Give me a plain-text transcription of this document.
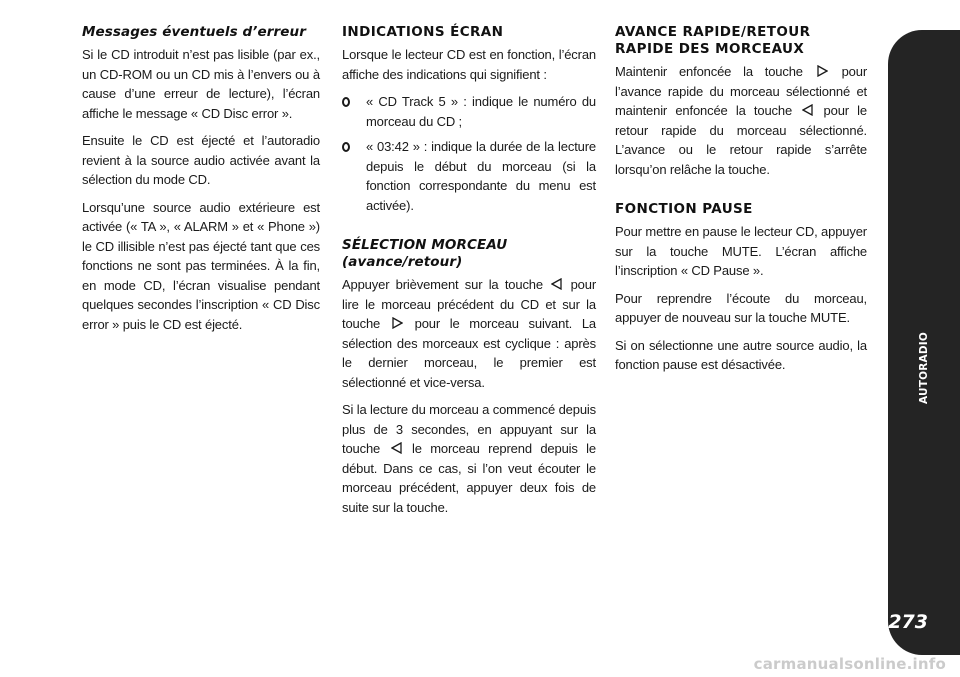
Messages éventuels d’erreur

Si le CD introduit n’est pas lisible (par ex., un CD-ROM ou un CD mis à l’envers ou à cause d’une erreur de lecture), l’écran affiche le message « CD Disc error ».

Ensuite le CD est éjecté et l’autoradio revient à la source audio activée avant la sélection du mode CD.

Lorsqu’une source audio extérieure est activée (« TA », « ALARM » et « Phone ») le CD illisible n’est pas éjecté tant que ces fonctions ne sont pas terminées. À la fin, en mode CD, l’écran visualise pendant quelques secondes l’inscription « CD Disc error » puis le CD est éjecté.

INDICATIONS ÉCRAN

Lorsque le lecteur CD est en fonction, l’écran affiche des indications qui signifient :

« CD Track 5 » : indique le numéro du morceau du CD ;
« 03:42 » : indique la durée de la lecture depuis le début du morceau (si la fonction correspondante du menu est activée).
SÉLECTION MORCEAU (avance/retour)

Appuyer brièvement sur la touche pour lire le morceau précédent du CD et sur la touche	pour le morceau suivant. La sélection des morceaux est cyclique : après le dernier morceau, le premier est sélectionné et vice-versa.

Si la lecture du morceau a commencé depuis plus de 3 secondes, en appuyant sur la touche le morceau reprend depuis le début. Dans ce cas, si l’on veut écouter le morceau précédent, appuyer deux fois de suite sur la touche.

AVANCE RAPIDE/RETOUR RAPIDE DES MORCEAUX

Maintenir enfoncée la touche	pour l’avance rapide du morceau sélectionné et maintenir enfoncée la touche pour le retour rapide du morceau sélectionné. L’avance ou le retour rapide s’arrête lorsqu’on relâche la touche.

FONCTION PAUSE

Pour mettre en pause le lecteur CD, appuyer sur la touche MUTE. L’écran affiche l’inscription « CD Pause ».

Pour reprendre l’écoute du morceau, appuyer de nouveau sur la touche MUTE.

Si on sélectionne une autre source audio, la fonction pause est désactivée.	AUTORADIO
273
carmanualsonline.info
